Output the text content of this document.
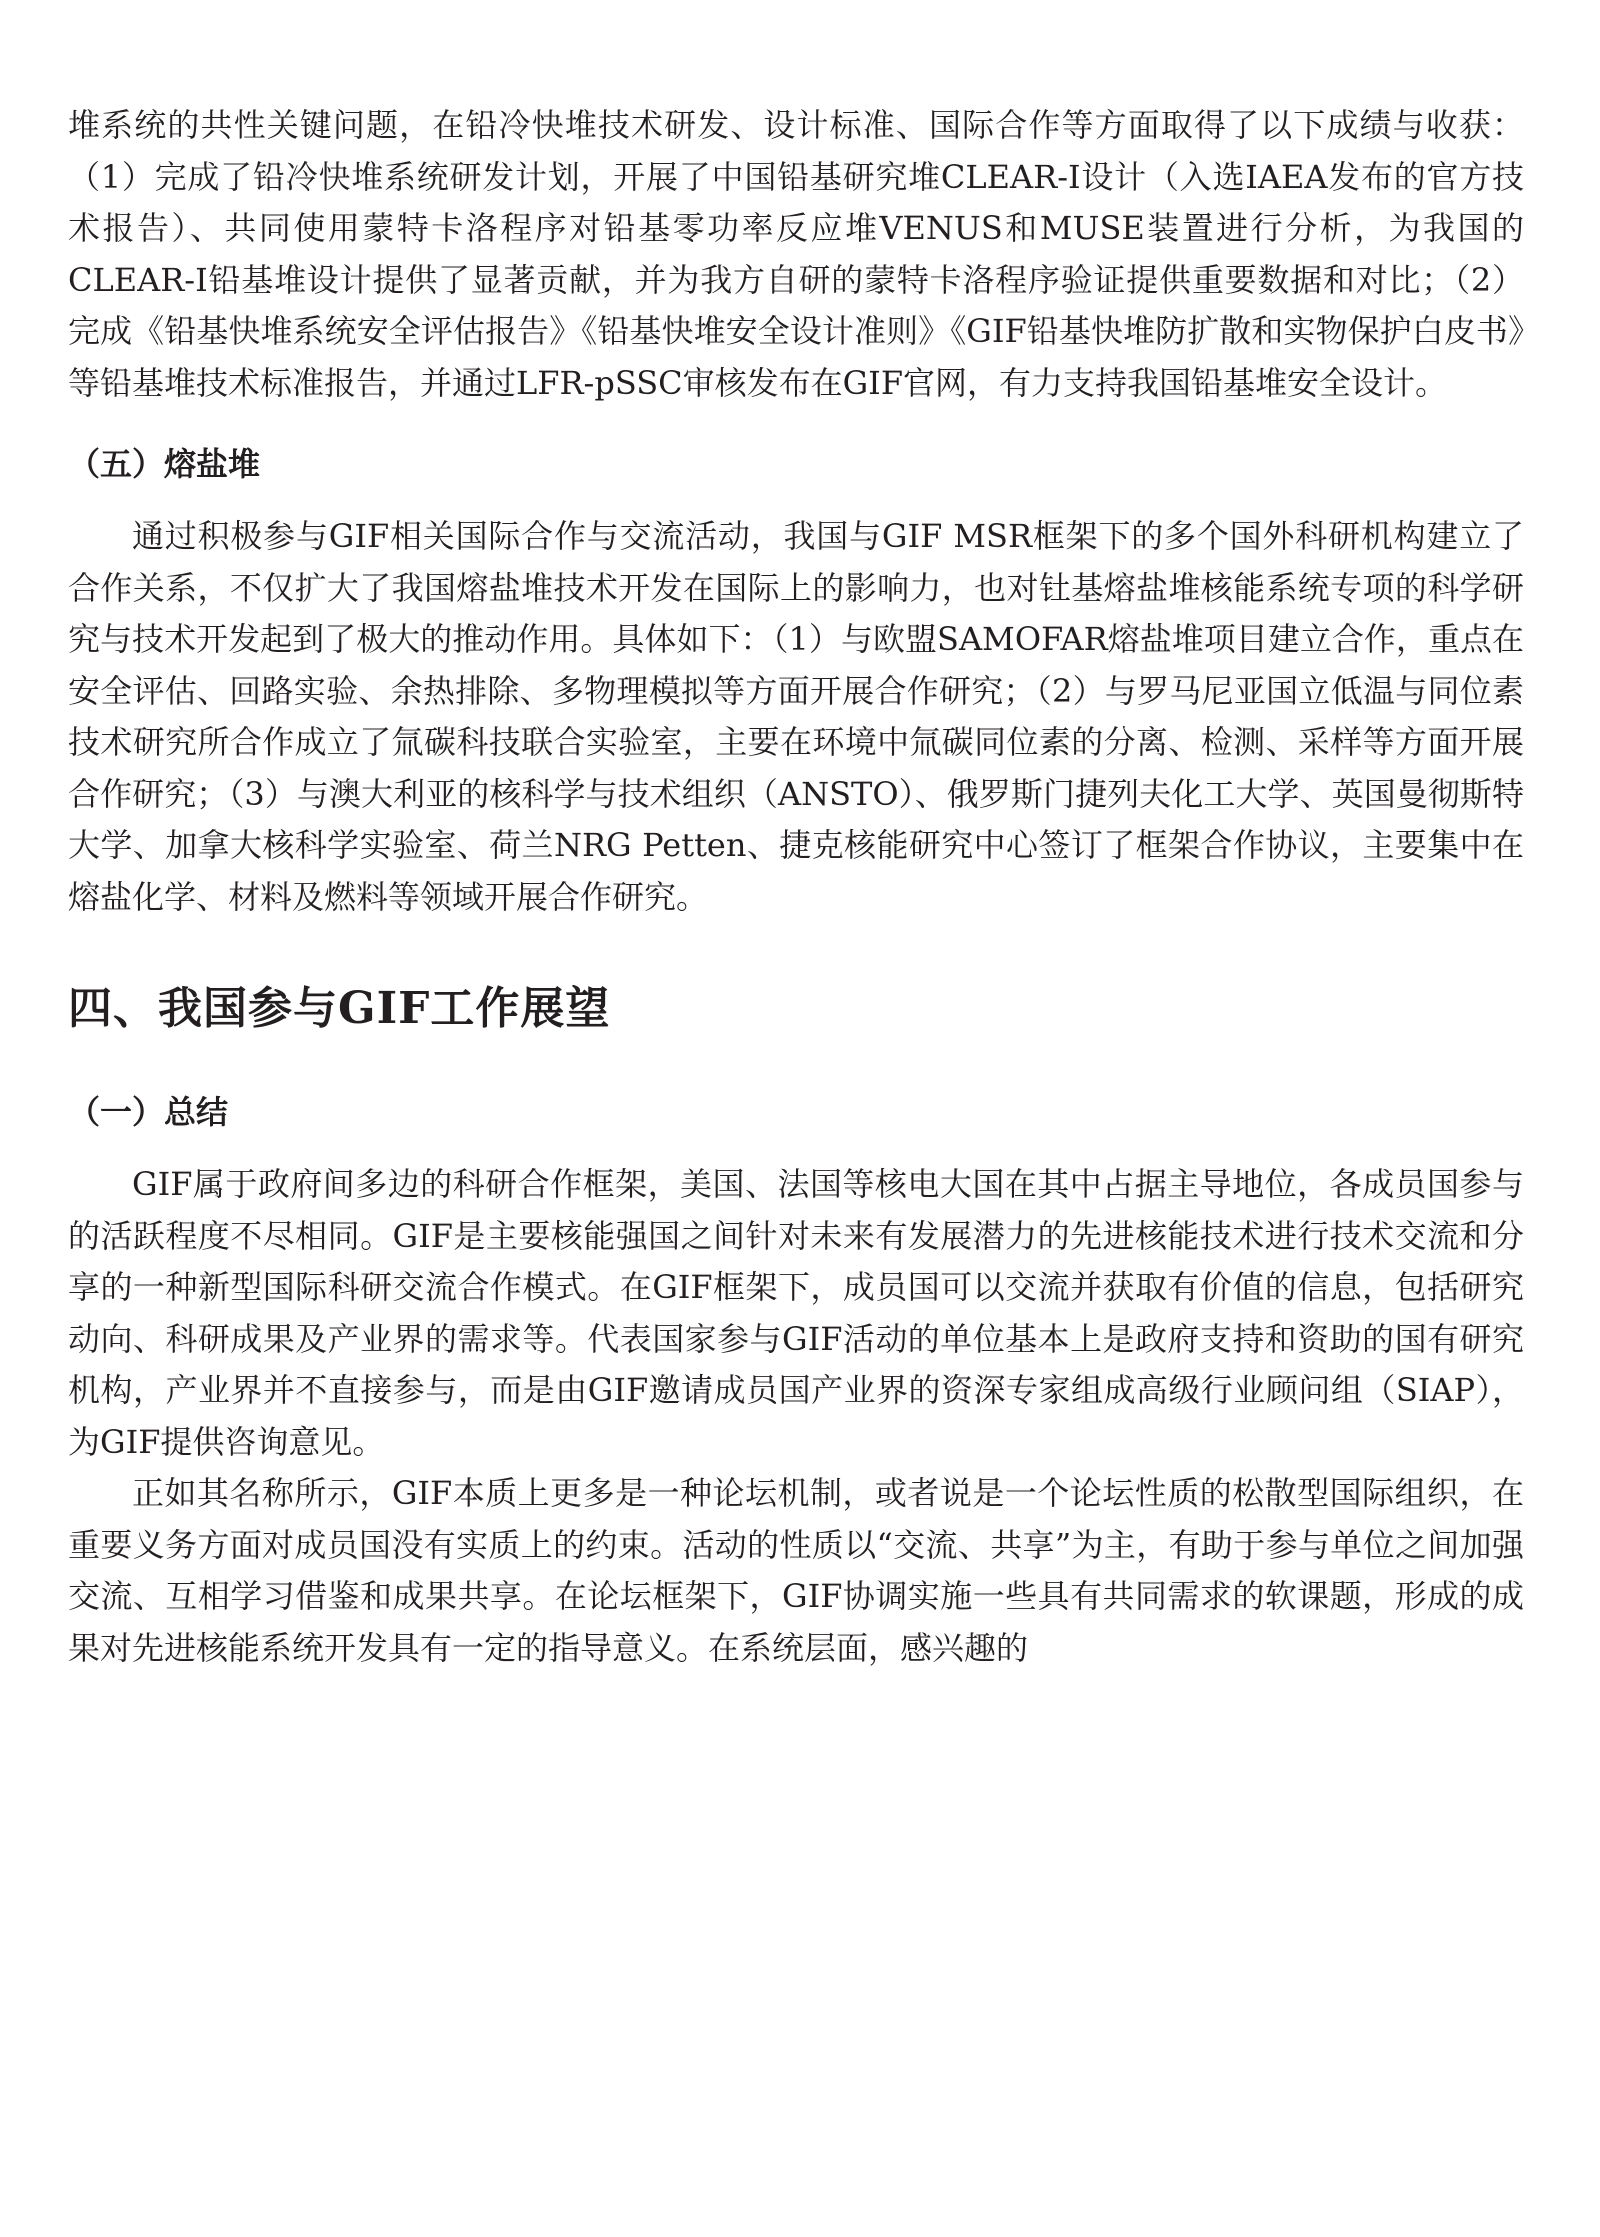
堆系统的共性关键问题，在铅冷快堆技术研发、设计标准、国际合作等方面取得了以下成绩与收获：（1）完成了铅冷快堆系统研发计划，开展了中国铅基研究堆CLEAR-I设计（入选IAEA发布的官方技术报告）、共同使用蒙特卡洛程序对铅基零功率反应堆VENUS和MUSE装置进行分析，为我国的CLEAR-I铅基堆设计提供了显著贡献，并为我方自研的蒙特卡洛程序验证提供重要数据和对比；（2）完成《铅基快堆系统安全评估报告》《铅基快堆安全设计准则》《GIF铅基快堆防扩散和实物保护白皮书》等铅基堆技术标准报告，并通过LFR-pSSC审核发布在GIF官网，有力支持我国铅基堆安全设计。

（五）熔盐堆

通过积极参与GIF相关国际合作与交流活动，我国与GIF MSR框架下的多个国外科研机构建立了合作关系，不仅扩大了我国熔盐堆技术开发在国际上的影响力，也对钍基熔盐堆核能系统专项的科学研究与技术开发起到了极大的推动作用。具体如下：（1）与欧盟SAMOFAR熔盐堆项目建立合作，重点在安全评估、回路实验、余热排除、多物理模拟等方面开展合作研究；（2）与罗马尼亚国立低温与同位素技术研究所合作成立了氚碳科技联合实验室，主要在环境中氚碳同位素的分离、检测、采样等方面开展合作研究；（3）与澳大利亚的核科学与技术组织（ANSTO）、俄罗斯门捷列夫化工大学、英国曼彻斯特大学、加拿大核科学实验室、荷兰NRG Petten、捷克核能研究中心签订了框架合作协议，主要集中在熔盐化学、材料及燃料等领域开展合作研究。

四、我国参与GIF工作展望
（一）总结

GIF属于政府间多边的科研合作框架，美国、法国等核电大国在其中占据主导地位，各成员国参与的活跃程度不尽相同。GIF是主要核能强国之间针对未来有发展潜力的先进核能技术进行技术交流和分享的一种新型国际科研交流合作模式。在GIF框架下，成员国可以交流并获取有价值的信息，包括研究动向、科研成果及产业界的需求等。代表国家参与GIF活动的单位基本上是政府支持和资助的国有研究机构，产业界并不直接参与，而是由GIF邀请成员国产业界的资深专家组成高级行业顾问组（SIAP），为GIF提供咨询意见。

正如其名称所示，GIF本质上更多是一种论坛机制，或者说是一个论坛性质的松散型国际组织，在重要义务方面对成员国没有实质上的约束。活动的性质以“交流、共享”为主，有助于参与单位之间加强交流、互相学习借鉴和成果共享。在论坛框架下，GIF协调实施一些具有共同需求的软课题，形成的成果对先进核能系统开发具有一定的指导意义。在系统层面，感兴趣的
